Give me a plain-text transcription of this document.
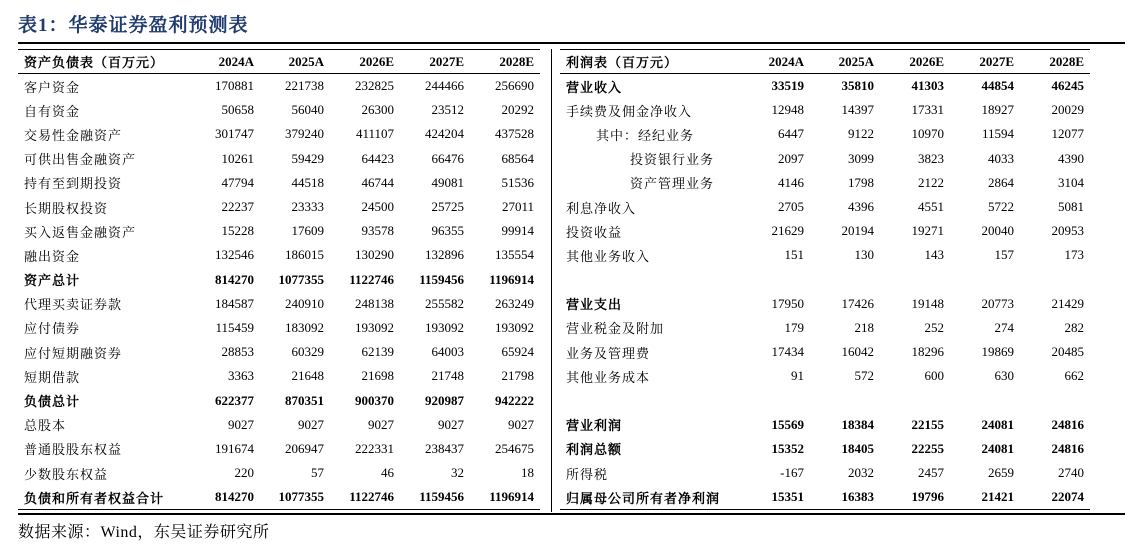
表1：华泰证券盈利预测表
资产负债表（百万元）	2024A	2025A	2026E	2027E	2028E
客户资金	170881	221738	232825	244466	256690
自有资金	50658	56040	26300	23512	20292
交易性金融资产	301747	379240	411107	424204	437528
可供出售金融资产	10261	59429	64423	66476	68564
持有至到期投资	47794	44518	46744	49081	51536
长期股权投资	22237	23333	24500	25725	27011
买入返售金融资产	15228	17609	93578	96355	99914
融出资金	132546	186015	130290	132896	135554
资产总计	814270	1077355	1122746	1159456	1196914
代理买卖证券款	184587	240910	248138	255582	263249
应付债券	115459	183092	193092	193092	193092
应付短期融资券	28853	60329	62139	64003	65924
短期借款	3363	21648	21698	21748	21798
负债总计	622377	870351	900370	920987	942222
总股本	9027	9027	9027	9027	9027
普通股股东权益	191674	206947	222331	238437	254675
少数股东权益	220	57	46	32	18
负债和所有者权益合计	814270	1077355	1122746	1159456	1196914
利润表（百万元）	2024A	2025A	2026E	2027E	2028E
营业收入	33519	35810	41303	44854	46245
手续费及佣金净收入	12948	14397	17331	18927	20029
其中：经纪业务	6447	9122	10970	11594	12077
投资银行业务	2097	3099	3823	4033	4390
资产管理业务	4146	1798	2122	2864	3104
利息净收入	2705	4396	4551	5722	5081
投资收益	21629	20194	19271	20040	20953
其他业务收入	151	130	143	157	173

营业支出	17950	17426	19148	20773	21429
营业税金及附加	179	218	252	274	282
业务及管理费	17434	16042	18296	19869	20485
其他业务成本	91	572	600	630	662

营业利润	15569	18384	22155	24081	24816
利润总额	15352	18405	22255	24081	24816
所得税	-167	2032	2457	2659	2740
归属母公司所有者净利润	15351	16383	19796	21421	22074
数据来源：Wind，东吴证券研究所
